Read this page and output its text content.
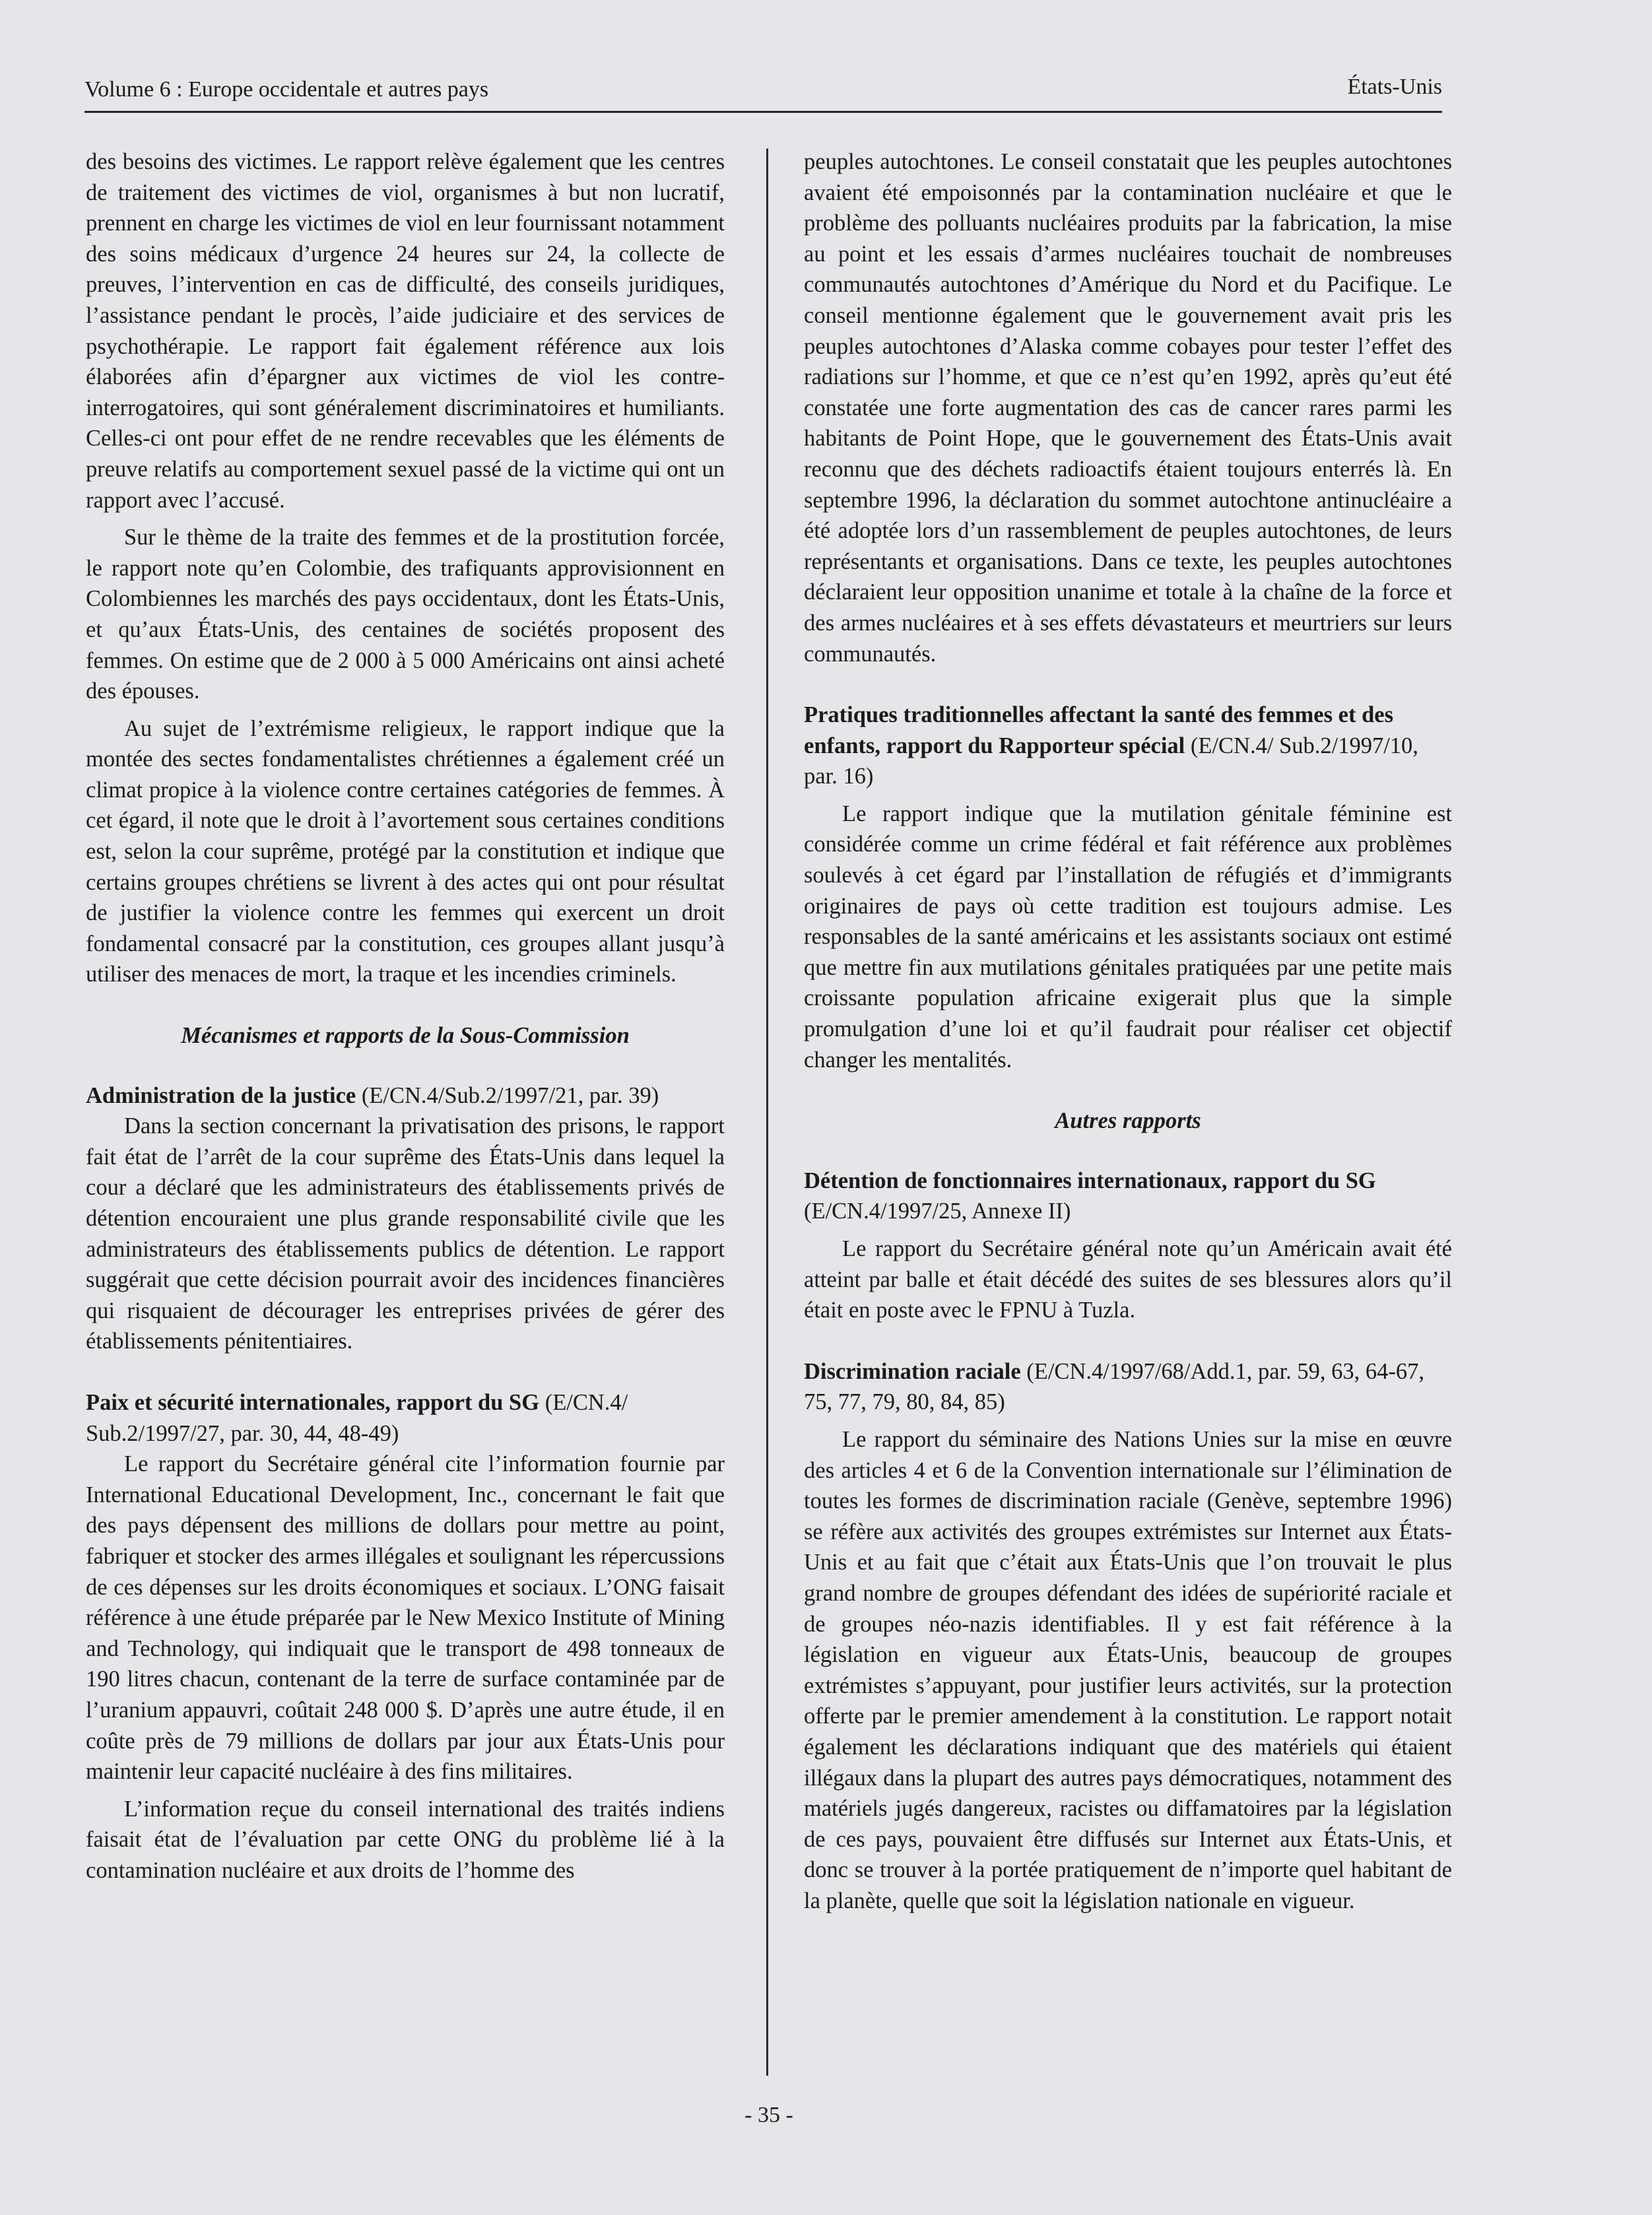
Volume 6 : Europe occidentale et autres pays	États-Unis

des besoins des victimes. Le rapport relève également que les centres de traitement des victimes de viol, organismes à but non lucratif, prennent en charge les victimes de viol en leur fournissant notamment des soins médicaux d’urgence 24 heures sur 24, la collecte de preuves, l’intervention en cas de difficulté, des conseils juridiques, l’assistance pendant le procès, l’aide judiciaire et des services de psychothérapie. Le rapport fait également référence aux lois élaborées afin d’épargner aux victimes de viol les contre-interrogatoires, qui sont généralement discriminatoires et humiliants. Celles-ci ont pour effet de ne rendre recevables que les éléments de preuve relatifs au comportement sexuel passé de la victime qui ont un rapport avec l’accusé.

Sur le thème de la traite des femmes et de la prostitution forcée, le rapport note qu’en Colombie, des trafiquants approvisionnent en Colombiennes les marchés des pays occidentaux, dont les États-Unis, et qu’aux États-Unis, des centaines de sociétés proposent des femmes. On estime que de 2 000 à 5 000 Américains ont ainsi acheté des épouses.

Au sujet de l’extrémisme religieux, le rapport indique que la montée des sectes fondamentalistes chrétiennes a également créé un climat propice à la violence contre certaines catégories de femmes. À cet égard, il note que le droit à l’avortement sous certaines conditions est, selon la cour suprême, protégé par la constitution et indique que certains groupes chrétiens se livrent à des actes qui ont pour résultat de justifier la violence contre les femmes qui exercent un droit fondamental consacré par la constitution, ces groupes allant jusqu’à utiliser des menaces de mort, la traque et les incendies criminels.

Mécanismes et rapports de la Sous-Commission

Administration de la justice (E/CN.4/Sub.2/1997/21, par. 39)

Dans la section concernant la privatisation des prisons, le rapport fait état de l’arrêt de la cour suprême des États-Unis dans lequel la cour a déclaré que les administrateurs des établissements privés de détention encouraient une plus grande responsabilité civile que les administrateurs des établissements publics de détention. Le rapport suggérait que cette décision pourrait avoir des incidences financières qui risquaient de décourager les entreprises privées de gérer des établissements pénitentiaires.

Paix et sécurité internationales, rapport du SG (E/CN.4/ Sub.2/1997/27, par. 30, 44, 48-49)

Le rapport du Secrétaire général cite l’information fournie par International Educational Development, Inc., concernant le fait que des pays dépensent des millions de dollars pour mettre au point, fabriquer et stocker des armes illégales et soulignant les répercussions de ces dépenses sur les droits économiques et sociaux. L’ONG faisait référence à une étude préparée par le New Mexico Institute of Mining and Technology, qui indiquait que le transport de 498 tonneaux de 190 litres chacun, contenant de la terre de surface contaminée par de l’uranium appauvri, coûtait 248 000 $. D’après une autre étude, il en coûte près de 79 millions de dollars par jour aux États-Unis pour maintenir leur capacité nucléaire à des fins militaires.

L’information reçue du conseil international des traités indiens faisait état de l’évaluation par cette ONG du problème lié à la contamination nucléaire et aux droits de l’homme des

peuples autochtones. Le conseil constatait que les peuples autochtones avaient été empoisonnés par la contamination nucléaire et que le problème des polluants nucléaires produits par la fabrication, la mise au point et les essais d’armes nucléaires touchait de nombreuses communautés autochtones d’Amérique du Nord et du Pacifique. Le conseil mentionne également que le gouvernement avait pris les peuples autochtones d’Alaska comme cobayes pour tester l’effet des radiations sur l’homme, et que ce n’est qu’en 1992, après qu’eut été constatée une forte augmentation des cas de cancer rares parmi les habitants de Point Hope, que le gouvernement des États-Unis avait reconnu que des déchets radioactifs étaient toujours enterrés là. En septembre 1996, la déclaration du sommet autochtone antinucléaire a été adoptée lors d’un rassemblement de peuples autochtones, de leurs représentants et organisations. Dans ce texte, les peuples autochtones déclaraient leur opposition unanime et totale à la chaîne de la force et des armes nucléaires et à ses effets dévastateurs et meurtriers sur leurs communautés.

Pratiques traditionnelles affectant la santé des femmes et des enfants, rapport du Rapporteur spécial (E/CN.4/ Sub.2/1997/10, par. 16)

Le rapport indique que la mutilation génitale féminine est considérée comme un crime fédéral et fait référence aux problèmes soulevés à cet égard par l’installation de réfugiés et d’immigrants originaires de pays où cette tradition est toujours admise. Les responsables de la santé américains et les assistants sociaux ont estimé que mettre fin aux mutilations génitales pratiquées par une petite mais croissante population africaine exigerait plus que la simple promulgation d’une loi et qu’il faudrait pour réaliser cet objectif changer les mentalités.

Autres rapports

Détention de fonctionnaires internationaux, rapport du SG (E/CN.4/1997/25, Annexe II)

Le rapport du Secrétaire général note qu’un Américain avait été atteint par balle et était décédé des suites de ses blessures alors qu’il était en poste avec le FPNU à Tuzla.

Discrimination raciale (E/CN.4/1997/68/Add.1, par. 59, 63, 64-67, 75, 77, 79, 80, 84, 85)

Le rapport du séminaire des Nations Unies sur la mise en œuvre des articles 4 et 6 de la Convention internationale sur l’élimination de toutes les formes de discrimination raciale (Genève, septembre 1996) se réfère aux activités des groupes extrémistes sur Internet aux États-Unis et au fait que c’était aux États-Unis que l’on trouvait le plus grand nombre de groupes défendant des idées de supériorité raciale et de groupes néo-nazis identifiables. Il y est fait référence à la législation en vigueur aux États-Unis, beaucoup de groupes extrémistes s’appuyant, pour justifier leurs activités, sur la protection offerte par le premier amendement à la constitution. Le rapport notait également les déclarations indiquant que des matériels qui étaient illégaux dans la plupart des autres pays démocratiques, notamment des matériels jugés dangereux, racistes ou diffamatoires par la législation de ces pays, pouvaient être diffusés sur Internet aux États-Unis, et donc se trouver à la portée pratiquement de n’importe quel habitant de la planète, quelle que soit la législation nationale en vigueur.

- 35 -
